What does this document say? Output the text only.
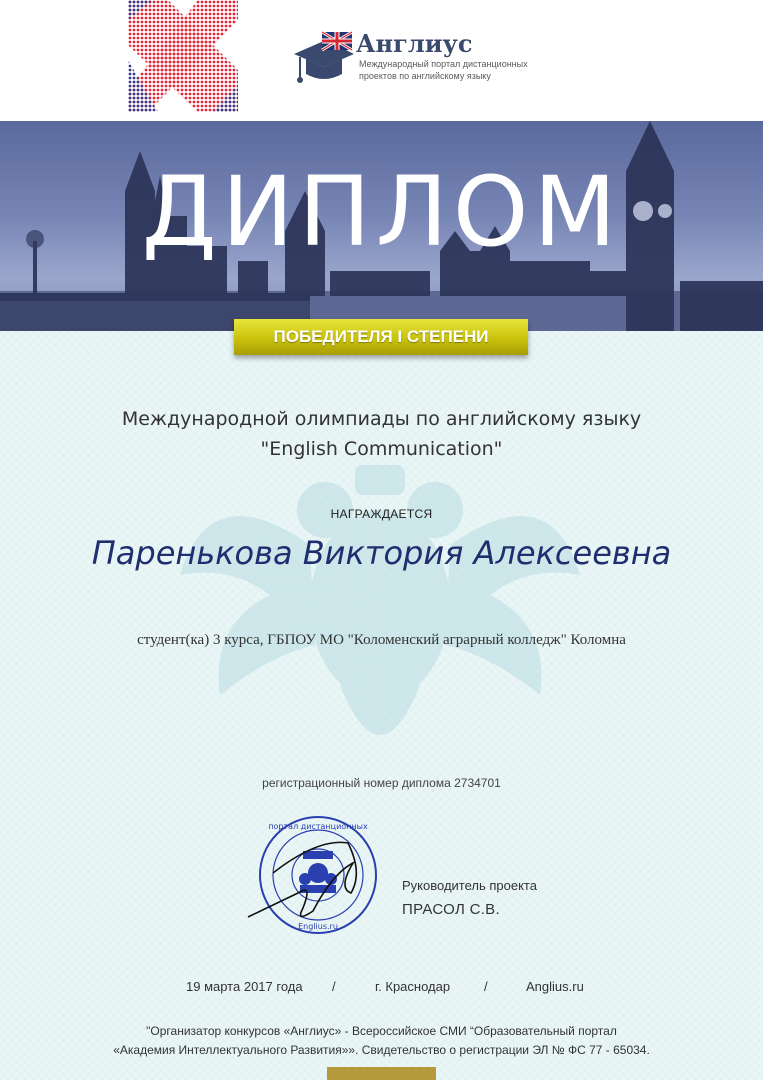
Англиус
Международный портал дистанционных проектов по английскому языку
ДИПЛОМ
ПОБЕДИТЕЛЯ I СТЕПЕНИ
Международной олимпиады по английскому языку
"English Communication"
НАГРАЖДАЕТСЯ
Паренькова Виктория Алексеевна
студент(ка) 3 курса, ГБПОУ МО "Коломенский аграрный колледж" Коломна
регистрационный номер диплома 2734701
портал дистанционных
Englius.ru
Руководитель проекта
ПРАСОЛ С.В.
19 марта 2017 года /	г. Краснодар	/	Anglius.ru
"Организатор конкурсов «Англиус» - Всероссийское СМИ “Образовательный портал
«Академия Интеллектуального Развития»». Свидетельство о регистрации ЭЛ № ФС 77 - 65034.
